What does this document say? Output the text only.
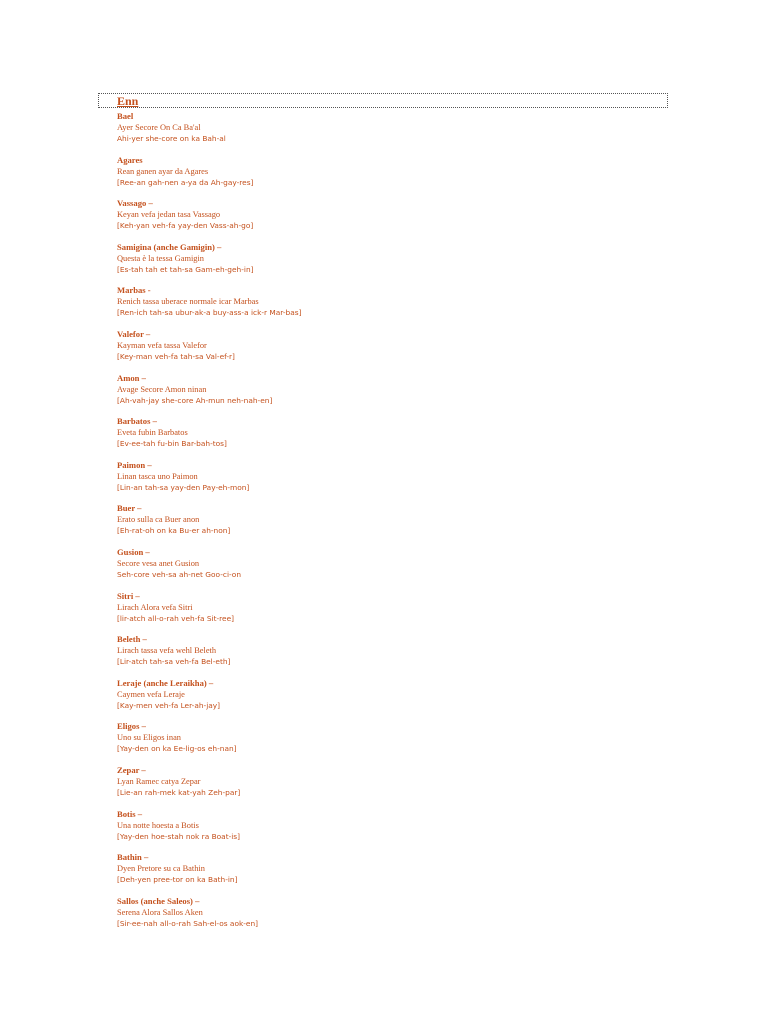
Enn
Bael
Ayer Secore On Ca Ba'al
Ahi-yer she-core on ka Bah-al
Agares
Rean ganen ayar da Agares
[Ree-an gah-nen a-ya da Ah-gay-res]
Vassago –
Keyan vefa jedan tasa Vassago
[Keh-yan veh-fa yay-den Vass-ah-go]
Samigina (anche Gamigin) –
Questa è la tessa Gamigin
[Es-tah tah et tah-sa Gam-eh-geh-in]
Marbas -
Renich tassa uberace normale icar Marbas
[Ren-ich tah-sa ubur-ak-a buy-ass-a ick-r Mar-bas]
Valefor –
Kayman vefa tassa Valefor
[Key-man veh-fa tah-sa Val-ef-r]
Amon –
Avage Secore Amon ninan
[Ah-vah-jay she-core Ah-mun neh-nah-en]
Barbatos –
Eveta fubin Barbatos
[Ev-ee-tah fu-bin Bar-bah-tos]
Paimon –
Linan tasca uno Paimon
[Lin-an tah-sa yay-den Pay-eh-mon]
Buer –
Erato sulla ca Buer anon
[Eh-rat-oh on ka Bu-er ah-non]
Gusion –
Secore vesa anet Gusion
Seh-core veh-sa ah-net Goo-ci-on
Sitri –
Lirach Alora vefa Sitri
[lir-atch all-o-rah veh-fa Sit-ree]
Beleth –
Lirach tassa vefa wehl Beleth
[Lir-atch tah-sa veh-fa Bel-eth]
Leraje (anche Leraikha) –
Caymen vefa Leraje
[Kay-men veh-fa Ler-ah-jay]
Eligos –
Uno su Eligos inan
[Yay-den on ka Ee-lig-os eh-nan]
Zepar –
Lyan Ramec catya Zepar
[Lie-an rah-mek kat-yah Zeh-par]
Botis –
Una notte hoesta a Botis
[Yay-den hoe-stah nok ra Boat-is]
Bathin –
Dyen Pretore su ca Bathin
[Deh-yen pree-tor on ka Bath-in]
Sallos (anche Saleos) –
Serena Alora Sallos Aken
[Sir-ee-nah all-o-rah Sah-el-os aok-en]
